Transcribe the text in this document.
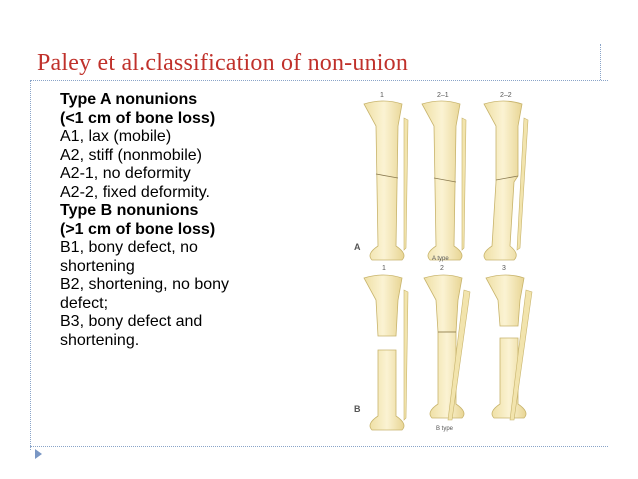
Paley et al.classification of non-union
Type A nonunions
(<1 cm of bone loss)
A1, lax (mobile)
A2, stiff (nonmobile)
A2-1, no deformity
A2-2, fixed deformity.
Type B nonunions
(>1 cm of bone loss)
B1, bony defect, no
shortening
B2, shortening, no bony
defect;
B3, bony defect and
shortening.
1	2–1	2–2
A
A type
1	2	3
B
B type
